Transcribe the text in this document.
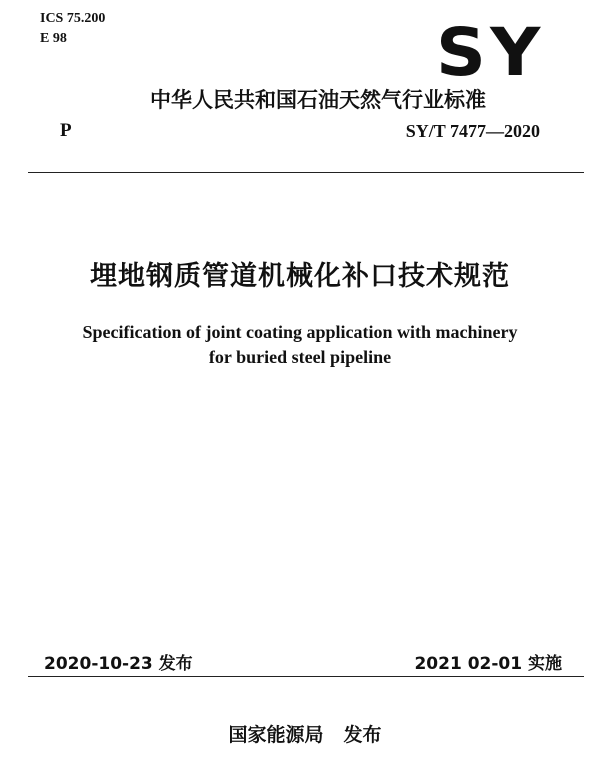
ICS 75.200
E 98	SY
中华人民共和国石油天然气行业标准
P	SY/T 7477—2020
埋地钢质管道机械化补口技术规范
Specification of joint coating application with machinery
for buried steel pipeline
2020-10-23 发布	2021 02-01 实施
国家能源局 发布
